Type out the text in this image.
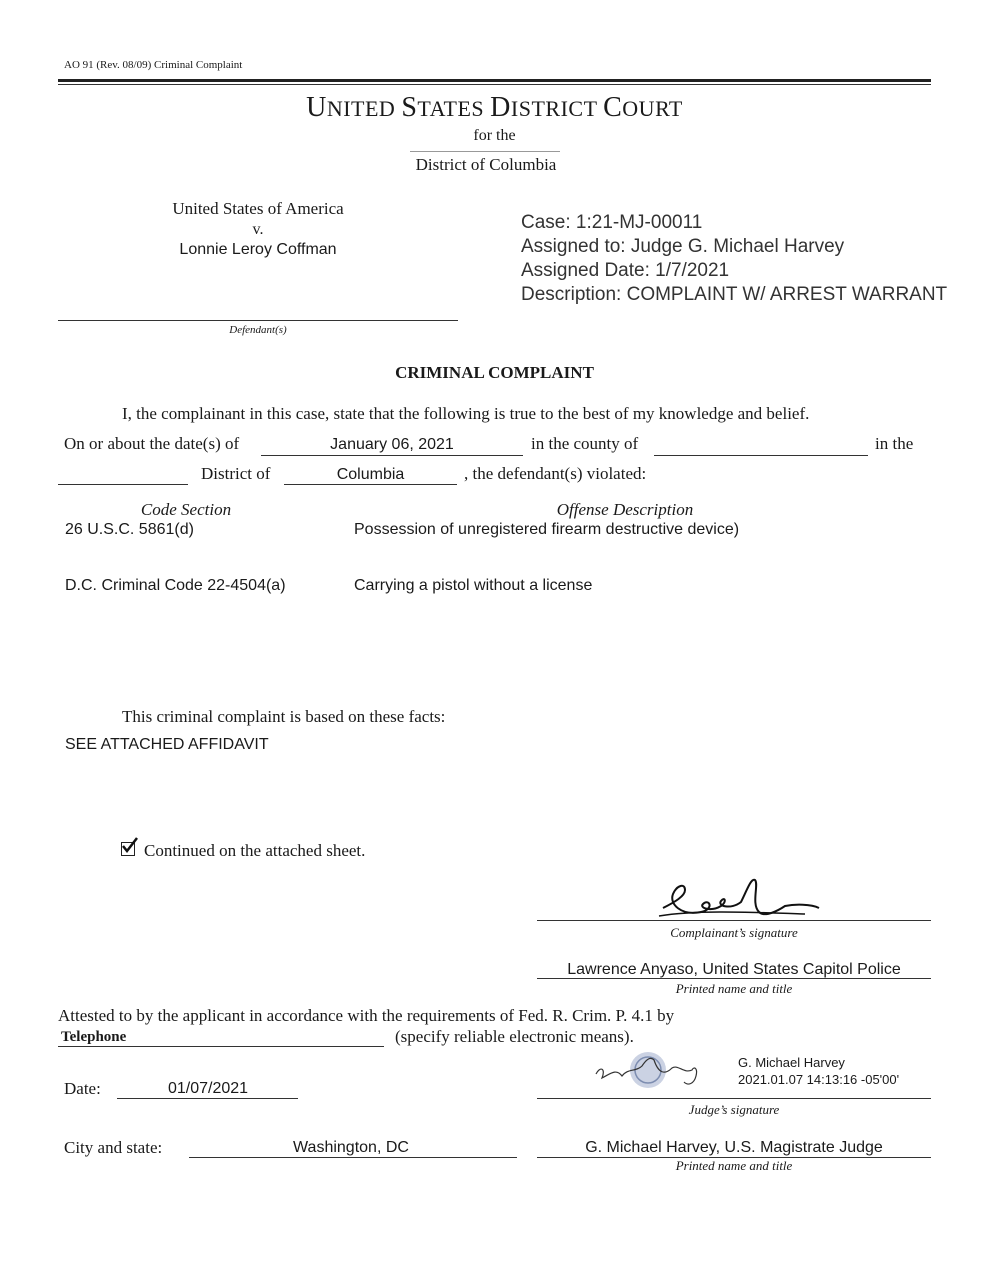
AO 91 (Rev. 08/09) Criminal Complaint
UNITED STATES DISTRICT COURT
for the
District of Columbia
United States of America
v.
Lonnie Leroy Coffman
Defendant(s)
Case: 1:21-MJ-00011
Assigned to: Judge G. Michael Harvey
Assigned Date: 1/7/2021
Description: COMPLAINT W/ ARREST WARRANT
CRIMINAL COMPLAINT
I, the complainant in this case, state that the following is true to the best of my knowledge and belief.
On or about the date(s) of	January 06, 2021	in the county of	in the
District of	Columbia	, the defendant(s) violated:
Code Section	Offense Description
26 U.S.C. 5861(d)	Possession of unregistered firearm destructive device)
D.C. Criminal Code 22-4504(a)	Carrying a pistol without a license
This criminal complaint is based on these facts:
SEE ATTACHED AFFIDAVIT
Continued on the attached sheet.
Complainant’s signature
Lawrence Anyaso, United States Capitol Police
Printed name and title
Attested to by the applicant in accordance with the requirements of Fed. R. Crim. P. 4.1 by
Telephone	(specify reliable electronic means).
G. Michael Harvey
2021.01.07 14:13:16 -05'00'
Judge’s signature
Date:	01/07/2021
City and state:	Washington, DC	G. Michael Harvey, U.S. Magistrate Judge
Printed name and title
